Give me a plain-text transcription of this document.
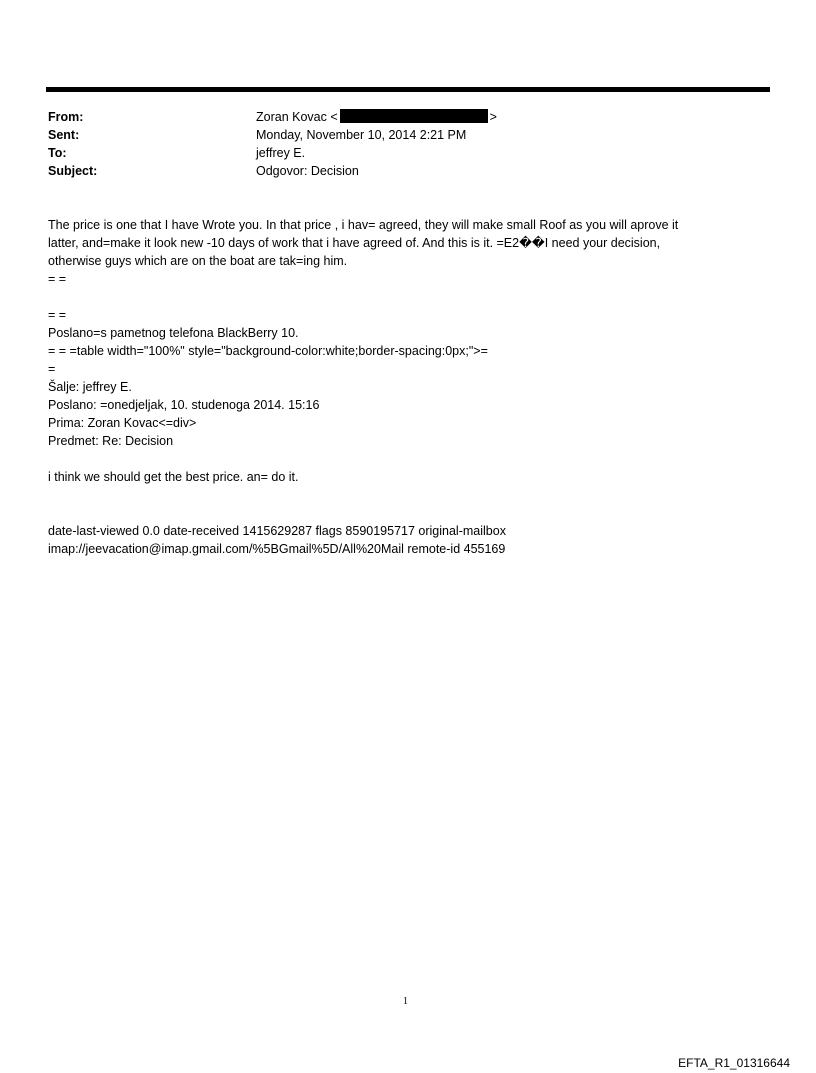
From:	Zoran Kovac <	>
Sent:	Monday, November 10, 2014 2:21 PM
To:	jeffrey E.
Subject:	Odgovor: Decision
The price is one that I have Wrote you. In that price , i hav= agreed, they will make small Roof as you will aprove it
latter, and=make it look new -10 days of work that i have agreed of. And this is it. =E2��I need your decision,
otherwise guys which are on the boat are tak=ing him.
= =
= =
Poslano=s pametnog telefona BlackBerry 10.
= = =table width="100%" style="background-color:white;border-spacing:0px;">=
=
Šalje: jeffrey E.
Poslano: =onedjeljak, 10. studenoga 2014. 15:16
Prima: Zoran Kovac<=div>
Predmet: Re: Decision
i think we should get the best price. an= do it.
date-last-viewed 0.0 date-received 1415629287 flags 8590195717 original-mailbox
imap://jeevacation@imap.gmail.com/%5BGmail%5D/All%20Mail remote-id 455169
1
EFTA_R1_01316644
